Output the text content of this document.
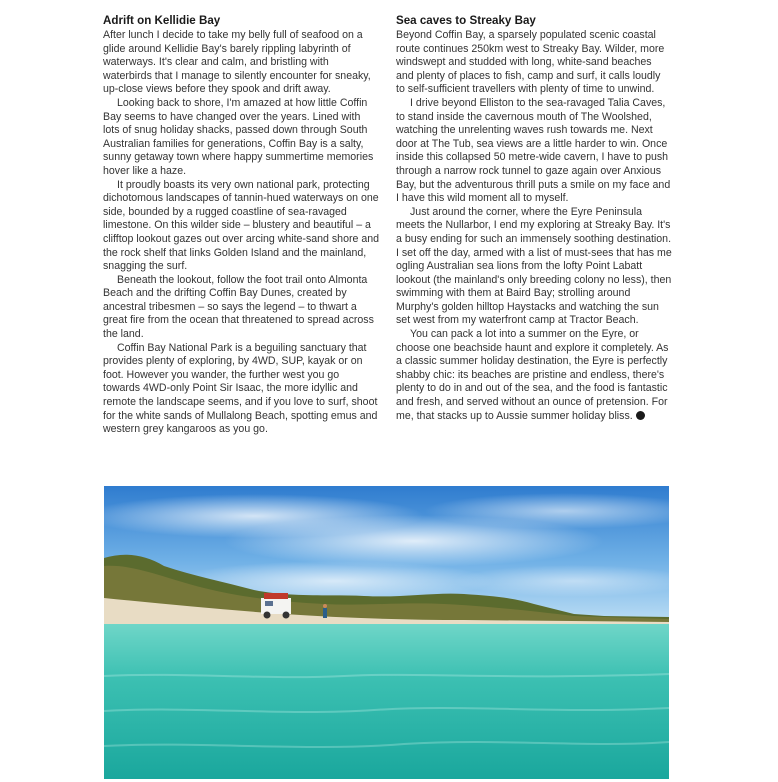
Adrift on Kellidie Bay

After lunch I decide to take my belly full of seafood on a glide around Kellidie Bay's barely rippling labyrinth of waterways. It's clear and calm, and bristling with waterbirds that I manage to silently encounter for sneaky, up-close views before they spook and drift away.

Looking back to shore, I'm amazed at how little Coffin Bay seems to have changed over the years. Lined with lots of snug holiday shacks, passed down through South Australian families for generations, Coffin Bay is a salty, sunny getaway town where happy summertime memories hover like a haze.

It proudly boasts its very own national park, protecting dichotomous landscapes of tannin-hued waterways on one side, bounded by a rugged coastline of sea-ravaged limestone. On this wilder side – blustery and beautiful – a clifftop lookout gazes out over arcing white-sand shore and the rock shelf that links Golden Island and the mainland, snagging the surf.

Beneath the lookout, follow the foot trail onto Almonta Beach and the drifting Coffin Bay Dunes, created by ancestral tribesmen – so says the legend – to thwart a great fire from the ocean that threatened to spread across the land.

Coffin Bay National Park is a beguiling sanctuary that provides plenty of exploring, by 4WD, SUP, kayak or on foot. However you wander, the further west you go towards 4WD-only Point Sir Isaac, the more idyllic and remote the landscape seems, and if you love to surf, shoot for the white sands of Mullalong Beach, spotting emus and western grey kangaroos as you go.

Sea caves to Streaky Bay

Beyond Coffin Bay, a sparsely populated scenic coastal route continues 250km west to Streaky Bay. Wilder, more windswept and studded with long, white-sand beaches and plenty of places to fish, camp and surf, it calls loudly to self-sufficient travellers with plenty of time to unwind.

I drive beyond Elliston to the sea-ravaged Talia Caves, to stand inside the cavernous mouth of The Woolshed, watching the unrelenting waves rush towards me. Next door at The Tub, sea views are a little harder to win. Once inside this collapsed 50 metre-wide cavern, I have to push through a narrow rock tunnel to gaze again over Anxious Bay, but the adventurous thrill puts a smile on my face and I have this wild moment all to myself.

Just around the corner, where the Eyre Peninsula meets the Nullarbor, I end my exploring at Streaky Bay. It's a busy ending for such an immensely soothing destination. I set off the day, armed with a list of must-sees that has me ogling Australian sea lions from the lofty Point Labatt lookout (the mainland's only breeding colony no less), then swimming with them at Baird Bay; strolling around Murphy's golden hilltop Haystacks and watching the sun set west from my waterfront camp at Tractor Beach.

You can pack a lot into a summer on the Eyre, or choose one beachside haunt and explore it completely. As a classic summer holiday destination, the Eyre is perfectly shabby chic: its beaches are pristine and endless, there's plenty to do in and out of the sea, and the food is fantastic and fresh, and served without an ounce of pretension. For me, that stacks up to Aussie summer holiday bliss.
